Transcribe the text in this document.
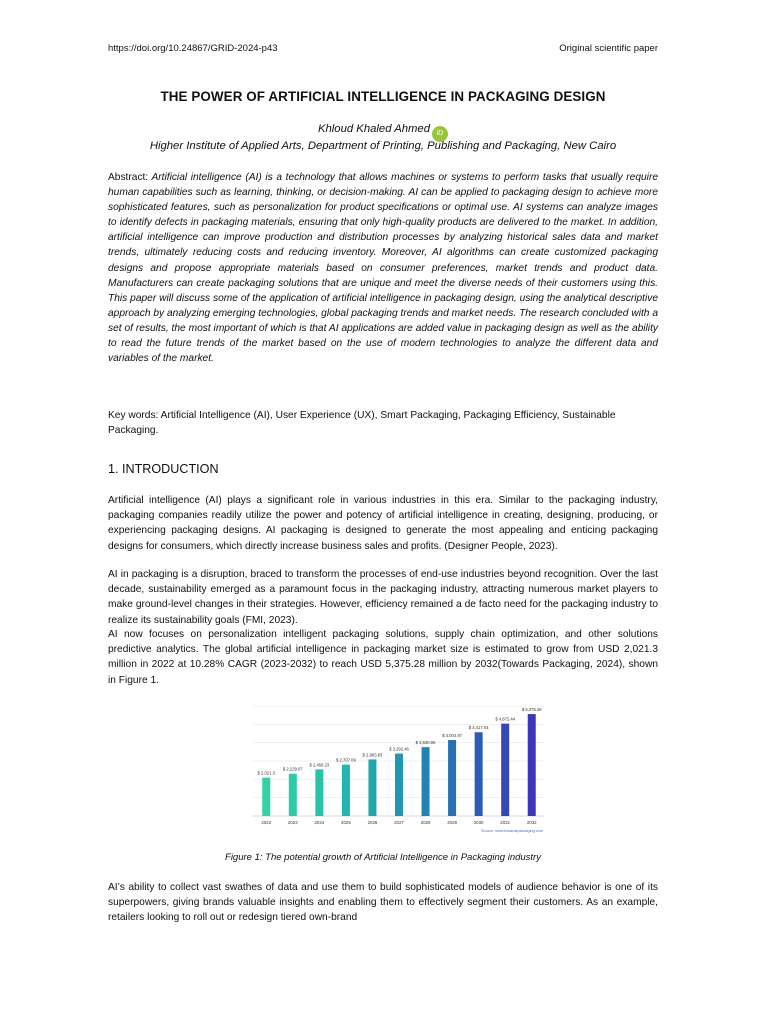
https://doi.org/10.24867/GRID-2024-p43	Original scientific paper
THE POWER OF ARTIFICIAL INTELLIGENCE IN PACKAGING DESIGN
Khloud Khaled Ahmed iD
Higher Institute of Applied Arts, Department of Printing, Publishing and Packaging, New Cairo
Abstract: Artificial intelligence (AI) is a technology that allows machines or systems to perform tasks that usually require human capabilities such as learning, thinking, or decision-making. AI can be applied to packaging design to achieve more sophisticated features, such as personalization for product specifications or optimal use. AI systems can analyze images to identify defects in packaging materials, ensuring that only high-quality products are delivered to the market. In addition, artificial intelligence can improve production and distribution processes by analyzing historical sales data and market trends, ultimately reducing costs and reducing inventory. Moreover, AI algorithms can create customized packaging designs and propose appropriate materials based on consumer preferences, market trends and product data. Manufacturers can create packaging solutions that are unique and meet the diverse needs of their customers using this. This paper will discuss some of the application of artificial intelligence in packaging design, using the analytical descriptive approach by analyzing emerging technologies, global packaging trends and market needs. The research concluded with a set of results, the most important of which is that AI applications are added value in packaging design as well as the ability to read the future trends of the market based on the use of modern technologies to analyze the different data and variables of the market.
Key words: Artificial Intelligence (AI), User Experience (UX), Smart Packaging, Packaging Efficiency, Sustainable Packaging.
1. INTRODUCTION
Artificial intelligence (AI) plays a significant role in various industries in this era. Similar to the packaging industry, packaging companies readily utilize the power and potency of artificial intelligence in creating, designing, producing, or experiencing packaging designs. AI packaging is designed to generate the most appealing and enticing packaging designs for consumers, which directly increase business sales and profits. (Designer People, 2023).
AI in packaging is a disruption, braced to transform the processes of end-use industries beyond recognition. Over the last decade, sustainability emerged as a paramount focus in the packaging industry, attracting numerous market players to make ground-level changes in their strategies. However, efficiency remained a de facto need for the packaging industry to realize its sustainability goals (FMI, 2023).
AI now focuses on personalization intelligent packaging solutions, supply chain optimization, and other solutions predictive analytics. The global artificial intelligence in packaging market size is estimated to grow from USD 2,021.3 million in 2022 at 10.28% CAGR (2023-2032) to reach USD 5,375.28 million by 2032(Towards Packaging, 2024), shown in Figure 1.
$ 2,021.3
2022
$ 2,229.07
2023
$ 2,458.23
2024
$ 2,707.09
2025
$ 2,983.83
2026
$ 3,292.46
2027
$ 3,630.95
2028
$ 4,004.97
2029
$ 4,417.04
2030
$ 4,872.44
2031
$ 5,375.28
2032
Source: www.towardspackaging.com
Figure 1: The potential growth of Artificial Intelligence in Packaging industry
AI’s ability to collect vast swathes of data and use them to build sophisticated models of audience behavior is one of its superpowers, giving brands valuable insights and enabling them to effectively segment their customers. As an example, retailers looking to roll out or redesign tiered own-brand
